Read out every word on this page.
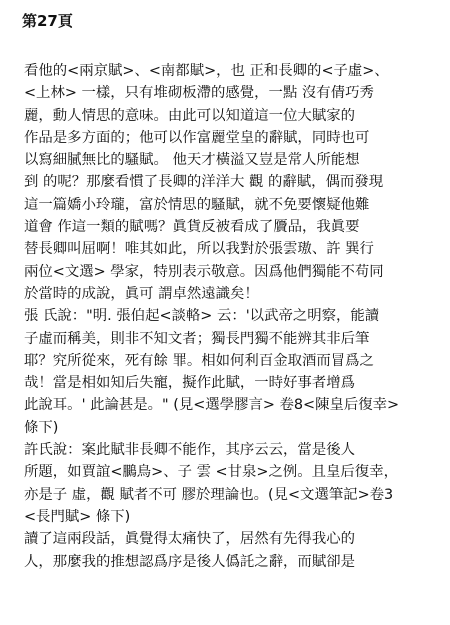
第27頁
看他的<兩京賦>、<南都賦>，也 正和長卿的<子虛>、
<上林> 一樣，只有堆砌板滯的感覺，一點 沒有倩巧秀
麗，動人情思的意味。由此可以知道這一位大賦家的
作品是多方面的；他可以作富麗堂皇的辭賦，同時也可
以寫細膩無比的騷賦。 他天才橫溢又豈是常人所能想
到 的呢？那麼看慣了長卿的洋洋大 觀 的辭賦，偶而發現
這一篇嬌小玲瓏，富於情思的騷賦，就不免要懷疑他難
道會 作這一類的賦嗎？眞貨反被看成了贗品，我眞要
替長卿叫屈啊！唯其如此，所以我對於張雲璈、許 巽行
兩位<文選> 學家，特別表示敬意。因爲他們獨能不苟同
於當時的成說，眞可 謂卓然遠識矣！
張 氏說："明. 張伯起<談輅> 云：'以武帝之明察，能讀
子虛而稱美，則非不知文者；獨長門獨不能辨其非后筆
耶？究所從來，死有餘 罪。相如何利百金取酒而冒爲之
哉！當是相如知后失寵，擬作此賦，一時好事者增爲
此說耳。' 此論甚是。" (見<選學膠言> 卷8<陳皇后復幸>
條下)
許氏說：案此賦非長卿不能作，其序云云，當是後人
所題，如賈誼<鵩鳥>、子 雲 <甘泉>之例。且皇后復幸，
亦是子 虛，觀 賦者不可 膠於理論也。(見<文選筆記>卷3
<長門賦> 條下)
讀了這兩段話，眞覺得太痛快了，居然有先得我心的
人，那麼我的推想認爲序是後人僞託之辭，而賦卻是
